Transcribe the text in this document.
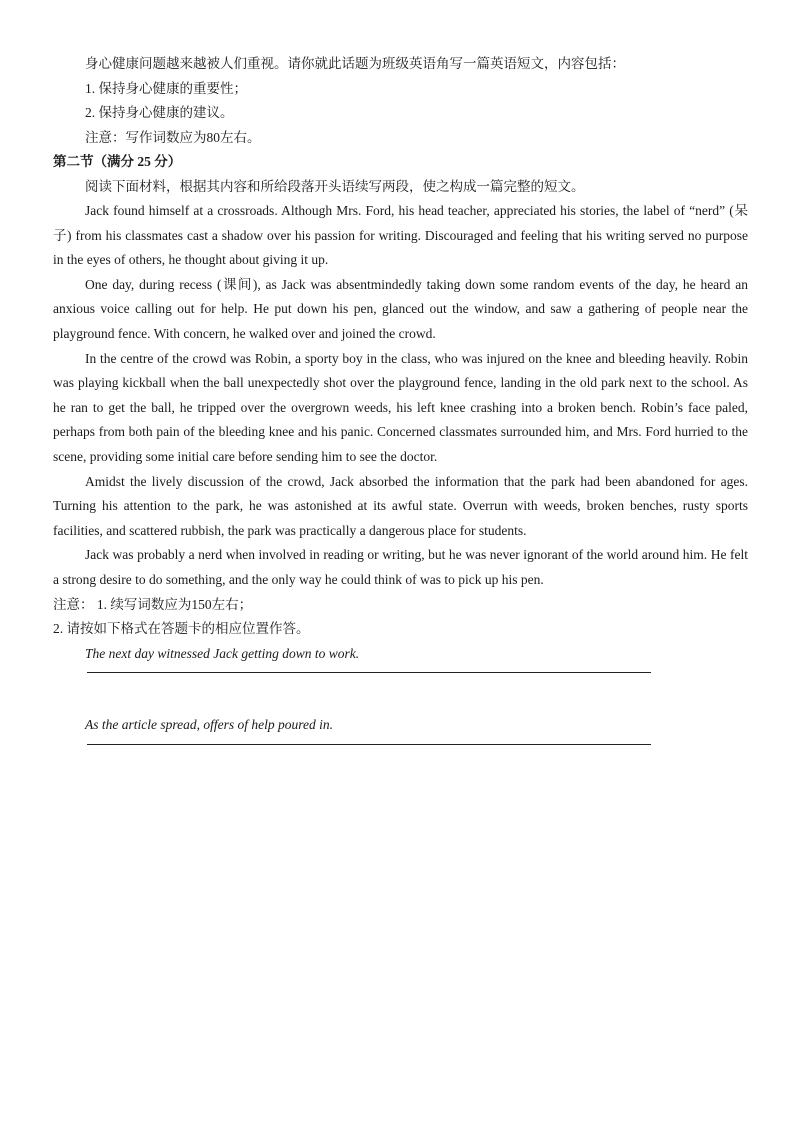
身心健康问题越来越被人们重视。请你就此话题为班级英语角写一篇英语短文，内容包括：

1. 保持身心健康的重要性；

2. 保持身心健康的建议。

注意：写作词数应为80左右。

第二节（满分 25 分）

阅读下面材料，根据其内容和所给段落开头语续写两段，使之构成一篇完整的短文。

Jack found himself at a crossroads. Although Mrs. Ford, his head teacher, appreciated his stories, the label of “nerd” (呆子) from his classmates cast a shadow over his passion for writing. Discouraged and feeling that his writing served no purpose in the eyes of others, he thought about giving it up.

One day, during recess (课间), as Jack was absentmindedly taking down some random events of the day, he heard an anxious voice calling out for help. He put down his pen, glanced out the window, and saw a gathering of people near the playground fence. With concern, he walked over and joined the crowd.

In the centre of the crowd was Robin, a sporty boy in the class, who was injured on the knee and bleeding heavily. Robin was playing kickball when the ball unexpectedly shot over the playground fence, landing in the old park next to the school. As he ran to get the ball, he tripped over the overgrown weeds, his left knee crashing into a broken bench. Robin’s face paled, perhaps from both pain of the bleeding knee and his panic. Concerned classmates surrounded him, and Mrs. Ford hurried to the scene, providing some initial care before sending him to see the doctor.

Amidst the lively discussion of the crowd, Jack absorbed the information that the park had been abandoned for ages. Turning his attention to the park, he was astonished at its awful state. Overrun with weeds, broken benches, rusty sports facilities, and scattered rubbish, the park was practically a dangerous place for students.

Jack was probably a nerd when involved in reading or writing, but he was never ignorant of the world around him. He felt a strong desire to do something, and the only way he could think of was to pick up his pen.

注意： 1. 续写词数应为150左右；

2. 请按如下格式在答题卡的相应位置作答。

The next day witnessed Jack getting down to work.

As the article spread, offers of help poured in.
